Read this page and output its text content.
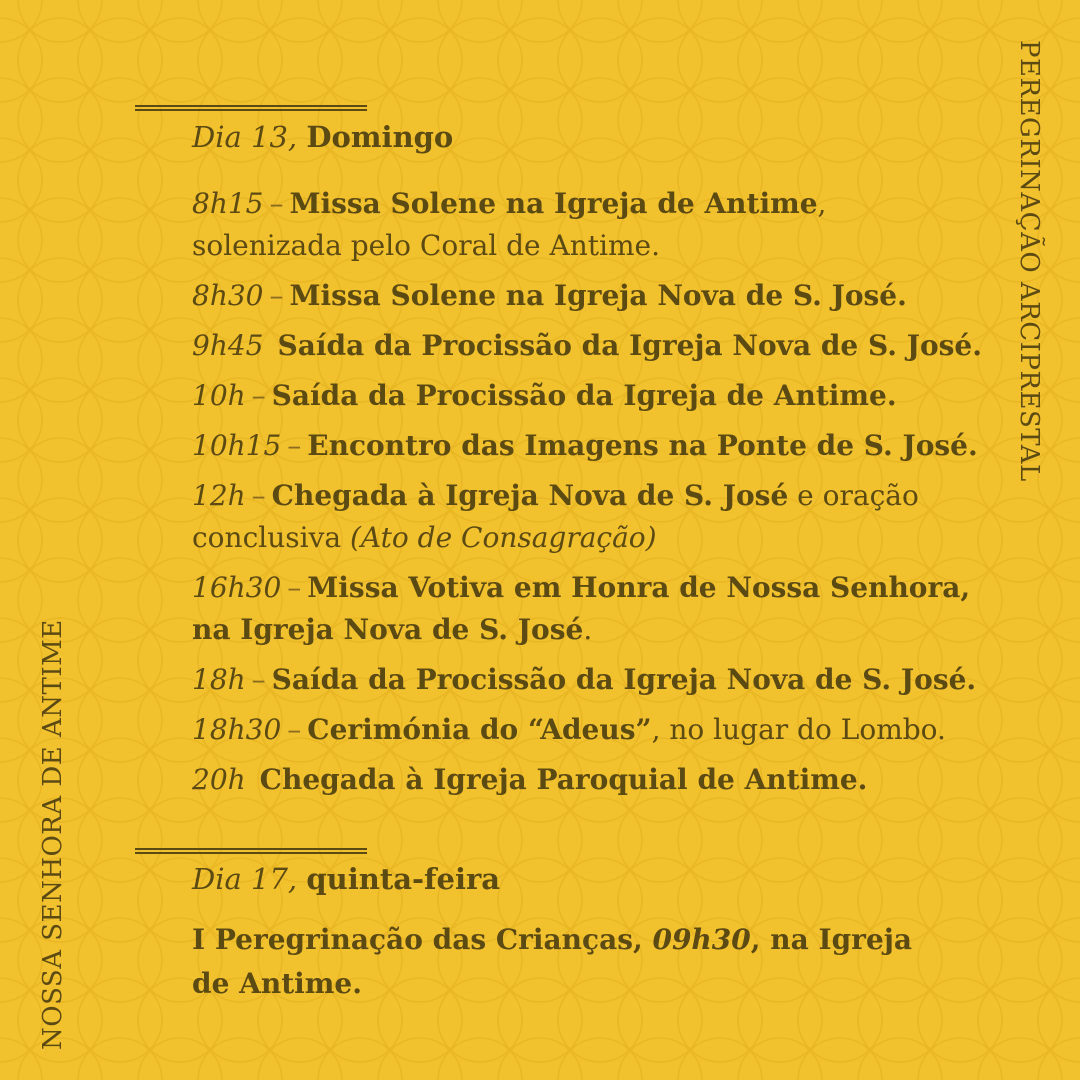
NOSSA SENHORA DE ANTIME
PEREGRINAÇÃO ARCIPRESTAL
Dia 13, Domingo
8h15 – Missa Solene na Igreja de Antime, solenizada pelo Coral de Antime.
8h30 – Missa Solene na Igreja Nova de S. José.
9h45 Saída da Procissão da Igreja Nova de S. José.
10h – Saída da Procissão da Igreja de Antime.
10h15 – Encontro das Imagens na Ponte de S. José.
12h – Chegada à Igreja Nova de S. José e oração conclusiva (Ato de Consagração)
16h30 – Missa Votiva em Honra de Nossa Senhora, na Igreja Nova de S. José.
18h – Saída da Procissão da Igreja Nova de S. José.
18h30 – Cerimónia do “Adeus”, no lugar do Lombo.
20h Chegada à Igreja Paroquial de Antime.
Dia 17, quinta-feira
I Peregrinação das Crianças, 09h30, na Igreja de Antime.
